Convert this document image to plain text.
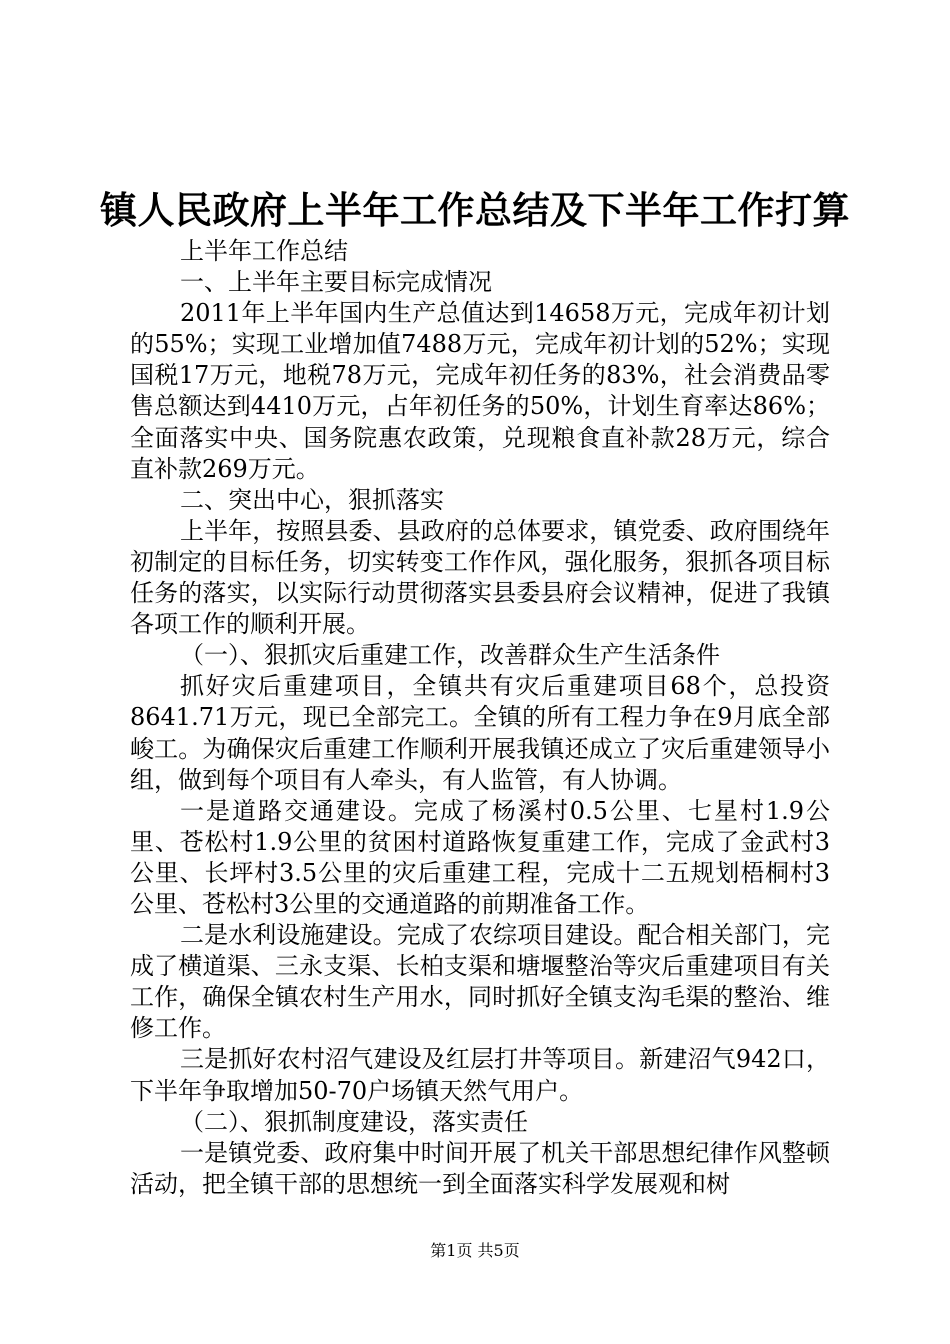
镇人民政府上半年工作总结及下半年工作打算

上半年工作总结

一、上半年主要目标完成情况

2011年上半年国内生产总值达到14658万元，完成年初计划的55%；实现工业增加值7488万元，完成年初计划的52%；实现国税17万元，地税78万元，完成年初任务的83%，社会消费品零售总额达到4410万元，占年初任务的50%，计划生育率达86%；全面落实中央、国务院惠农政策，兑现粮食直补款28万元，综合直补款269万元。

二、突出中心，狠抓落实

上半年，按照县委、县政府的总体要求，镇党委、政府围绕年初制定的目标任务，切实转变工作作风，强化服务，狠抓各项目标任务的落实，以实际行动贯彻落实县委县府会议精神，促进了我镇各项工作的顺利开展。

（一）、狠抓灾后重建工作，改善群众生产生活条件

抓好灾后重建项目，全镇共有灾后重建项目68个，总投资8641.71万元，现已全部完工。全镇的所有工程力争在9月底全部峻工。为确保灾后重建工作顺利开展我镇还成立了灾后重建领导小组，做到每个项目有人牵头，有人监管，有人协调。

一是道路交通建设。完成了杨溪村0.5公里、七星村1.9公里、苍松村1.9公里的贫困村道路恢复重建工作，完成了金武村3公里、长坪村3.5公里的灾后重建工程，完成十二五规划梧桐村3公里、苍松村3公里的交通道路的前期准备工作。

二是水利设施建设。完成了农综项目建设。配合相关部门，完成了横道渠、三永支渠、长柏支渠和塘堰整治等灾后重建项目有关工作，确保全镇农村生产用水，同时抓好全镇支沟毛渠的整治、维修工作。

三是抓好农村沼气建设及红层打井等项目。新建沼气942口，下半年争取增加50-70户场镇天然气用户。

（二）、狠抓制度建设，落实责任

一是镇党委、政府集中时间开展了机关干部思想纪律作风整顿活动，把全镇干部的思想统一到全面落实科学发展观和树

第1页 共5页
